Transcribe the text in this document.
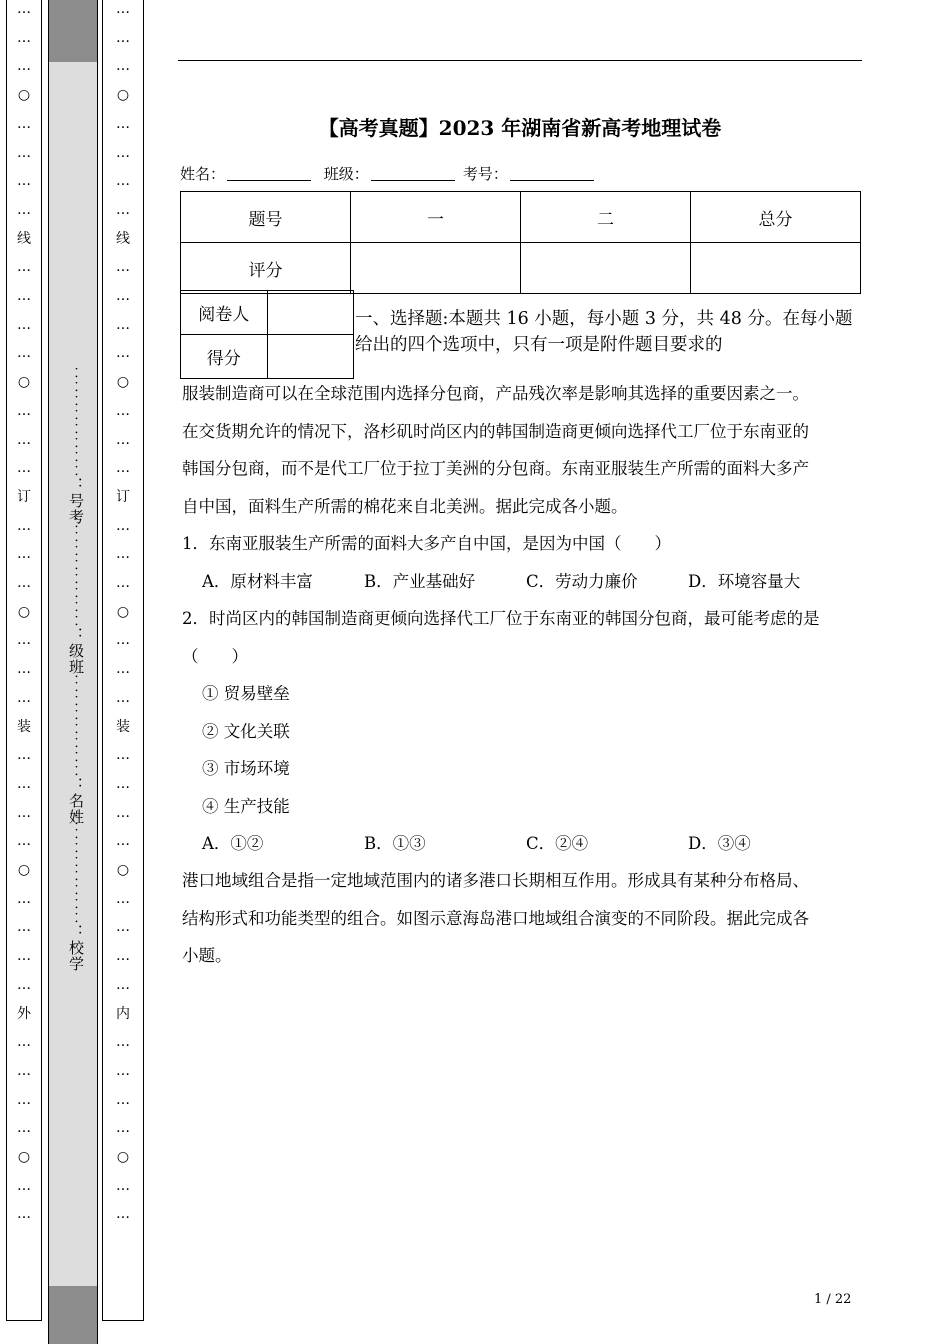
…
…
…
○
…
…
…
…
线
…
…
…
…
○
…
…
…
订
…
…
…
○
…
…
…
装
…
…
…
…
○
…
…
…
…
外
…
…
…
…
○
…
…
︰︰︰︰︰︰︰︰：号考
︰︰︰︰︰︰︰︰：级班
︰︰︰︰︰︰︰︰：名姓
︰︰︰︰︰︰︰︰：校学
…
…
…
○
…
…
…
…
线
…
…
…
…
○
…
…
…
订
…
…
…
○
…
…
…
装
…
…
…
…
○
…
…
…
…
内
…
…
…
…
○
…
…
【高考真题】2023 年湖南省新高考地理试卷
姓名：	班级：	考号：
题号	一	二	总分
评分			
阅卷人	
得分	
一、选择题:本题共 16 小题，每小题 3 分，共 48 分。在每小题给出的四个选项中，只有一项是附件题目要求的
服装制造商可以在全球范围内选择分包商，产品残次率是影响其选择的重要因素之一。
在交货期允许的情况下，洛杉矶时尚区内的韩国制造商更倾向选择代工厂位于东南亚的
韩国分包商，而不是代工厂位于拉丁美洲的分包商。东南亚服装生产所需的面料大多产
自中国，面料生产所需的棉花来自北美洲。据此完成各小题。
1．东南亚服装生产所需的面料大多产自中国，是因为中国（　　）
A．原材料丰富	B．产业基础好	C．劳动力廉价	D．环境容量大
2．时尚区内的韩国制造商更倾向选择代工厂位于东南亚的韩国分包商，最可能考虑的是
（　　）
① 贸易壁垒
② 文化关联
③ 市场环境
④ 生产技能
A．①②	B．①③	C．②④	D．③④
港口地域组合是指一定地域范围内的诸多港口长期相互作用。形成具有某种分布格局、
结构形式和功能类型的组合。如图示意海岛港口地域组合演变的不同阶段。据此完成各
小题。
1 / 22
